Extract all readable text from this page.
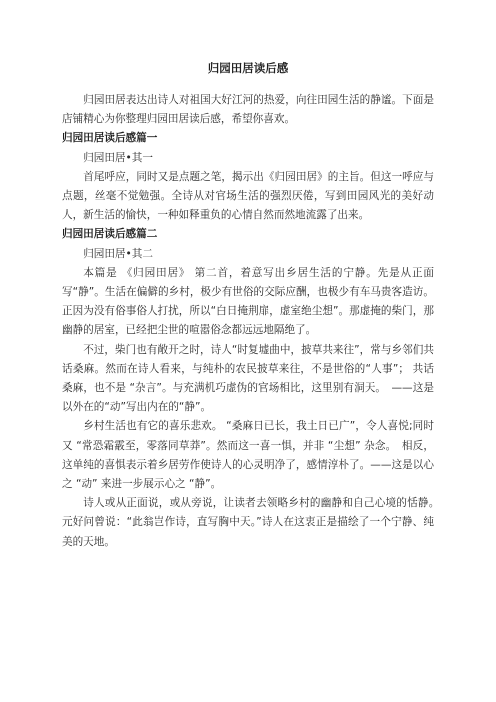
归园田居读后感

归园田居表达出诗人对祖国大好江河的热爱，向往田园生活的静谧。下面是店铺精心为你整理归园田居读后感，希望你喜欢。

归园田居读后感篇一

归园田居•其一

首尾呼应，同时又是点题之笔，揭示出《归园田居》的主旨。但这一呼应与点题，丝毫不觉勉强。全诗从对官场生活的强烈厌倦，写到田园风光的美好动人，新生活的愉快，一种如释重负的心情自然而然地流露了出来。

归园田居读后感篇二

归园田居•其二

本篇是 《归园田居》 第二首，着意写出乡居生活的宁静。先是从正面写“静”。生活在偏僻的乡村，极少有世俗的交际应酬，也极少有车马贵客造访。正因为没有俗事俗人打扰，所以“白日掩荆扉，虚室绝尘想”。那虚掩的柴门，那幽静的居室，已经把尘世的喧嚣俗念都远远地隔绝了。

不过，柴门也有敞开之时，诗人“时复墟曲中，披草共来往”，常与乡邻们共话桑麻。然而在诗人看来，与纯朴的农民披草来往，不是世俗的“人事”； 共话桑麻，也不是 “杂言”。与充满机巧虚伪的官场相比，这里别有洞天。　——这是以外在的“动”写出内在的“静”。

乡村生活也有它的喜乐悲欢。 “桑麻日已长，我土日已广”，令人喜悦;同时又 “常恐霜霰至，零落同草莽”。然而这一喜一惧，并非 “尘想” 杂念。　相反，这单纯的喜惧表示着乡居劳作使诗人的心灵明净了，感情淳朴了。——这是以心之 “动” 来进一步展示心之 “静”。

诗人或从正面说，或从旁说，让读者去领略乡村的幽静和自己心境的恬静。　元好问曾说：“此翁岂作诗，直写胸中天。”诗人在这衷正是描绘了一个宁静、纯美的天地。
